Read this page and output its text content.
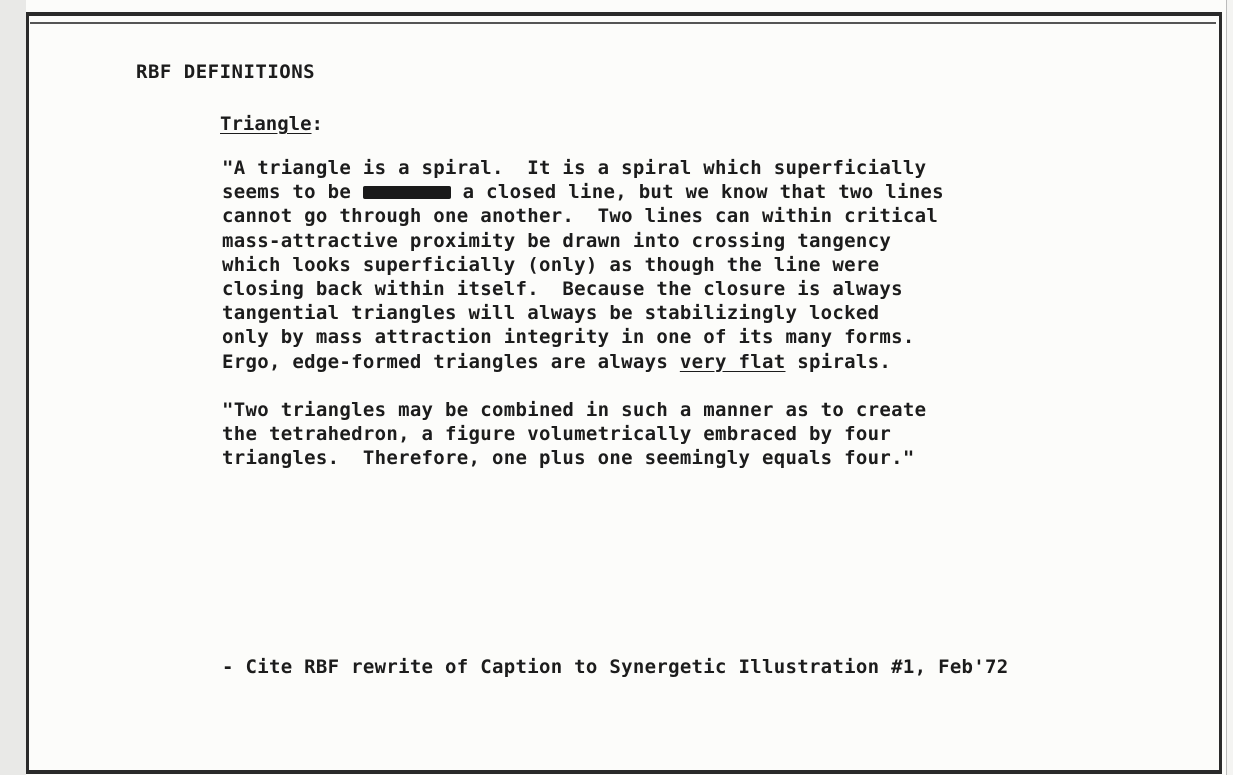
RBF DEFINITIONS
Triangle:
"A triangle is a spiral.  It is a spiral which superficially
seems to be	a closed line, but we know that two lines
cannot go through one another.  Two lines can within critical
mass-attractive proximity be drawn into crossing tangency
which looks superficially (only) as though the line were
closing back within itself.  Because the closure is always
tangential triangles will always be stabilizingly locked
only by mass attraction integrity in one of its many forms.
Ergo, edge-formed triangles are always very flat spirals.
"Two triangles may be combined in such a manner as to create
the tetrahedron, a figure volumetrically embraced by four
triangles.  Therefore, one plus one seemingly equals four."
- Cite RBF rewrite of Caption to Synergetic Illustration #1, Feb'72
